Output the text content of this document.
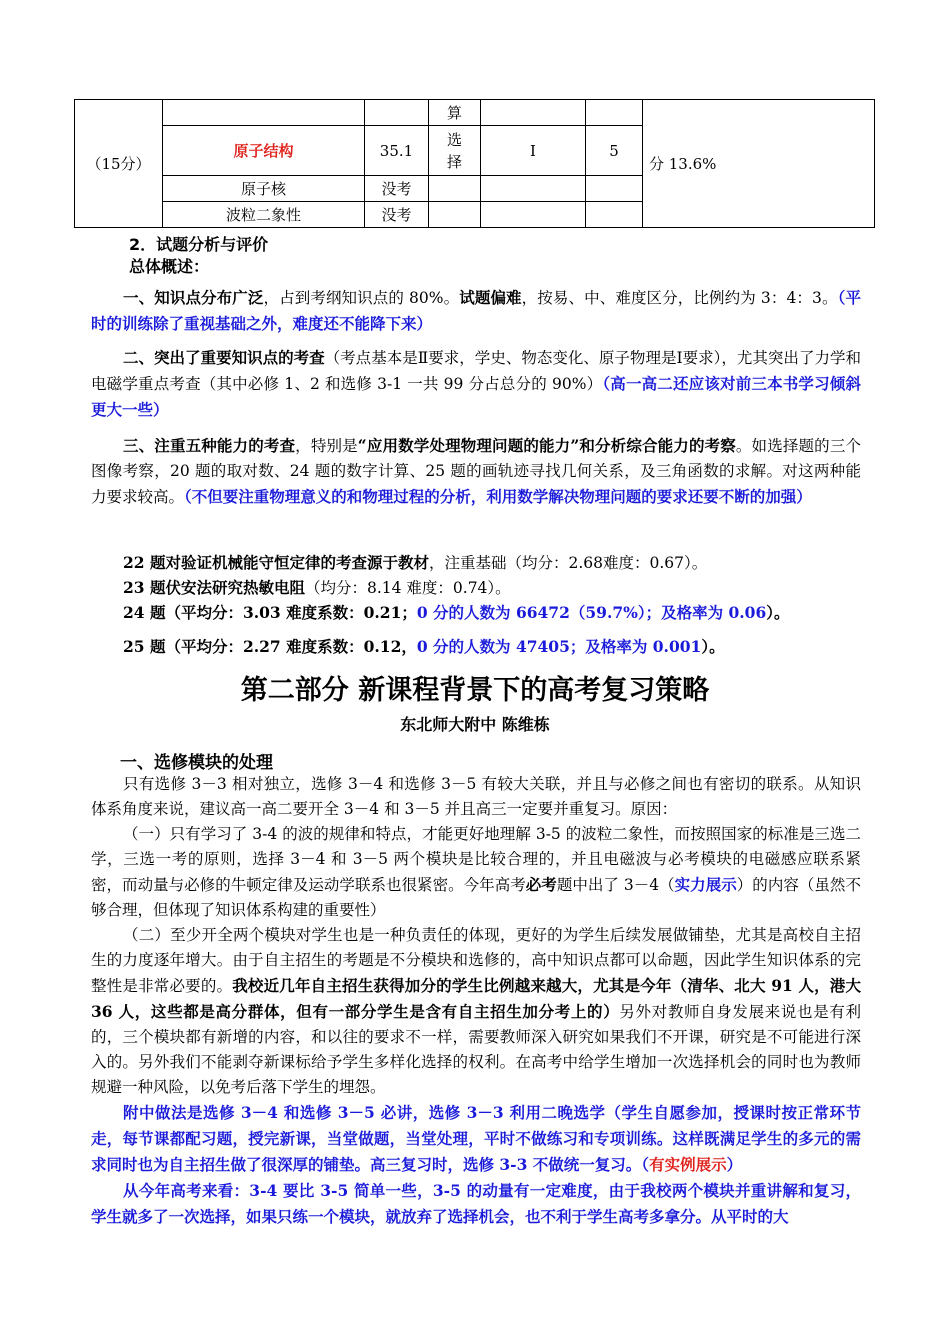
（15分）			算			分 13.6%
	原子结构	35.1	选择	Ⅰ	5	
	原子核	没考				
	波粒二象性	没考				
2．试题分析与评价
总体概述：

一、知识点分布广泛，占到考纲知识点的 80%。试题偏难，按易、中、难度区分，比例约为 3：4：3。（平时的训练除了重视基础之外，难度还不能降下来）

二、突出了重要知识点的考查（考点基本是Ⅱ要求，学史、物态变化、原子物理是Ⅰ要求），尤其突出了力学和电磁学重点考查（其中必修 1、2 和选修 3-1 一共 99 分占总分的 90%）（高一高二还应该对前三本书学习倾斜更大一些）

三、注重五种能力的考查，特别是“应用数学处理物理问题的能力”和分析综合能力的考察。如选择题的三个图像考察，20 题的取对数、24 题的数字计算、25 题的画轨迹寻找几何关系，及三角函数的求解。对这两种能力要求较高。（不但要注重物理意义的和物理过程的分析，利用数学解决物理问题的要求还要不断的加强）

22 题对验证机械能守恒定律的考查源于教材，注重基础（均分：2.68难度：0.67）。
23 题伏安法研究热敏电阻（均分：8.14 难度：0.74）。
24 题（平均分：3.03 难度系数：0.21；0 分的人数为 66472（59.7%）；及格率为 0.06）。
25 题（平均分：2.27 难度系数：0.12，0 分的人数为 47405；及格率为 0.001）。
第二部分 新课程背景下的高考复习策略
东北师大附中 陈维栋
一、选修模块的处理

只有选修 3－3 相对独立，选修 3－4 和选修 3－5 有较大关联，并且与必修之间也有密切的联系。从知识体系角度来说，建议高一高二要开全 3－4 和 3－5 并且高三一定要并重复习。原因：

（一）只有学习了 3-4 的波的规律和特点，才能更好地理解 3-5 的波粒二象性，而按照国家的标准是三选二学，三选一考的原则，选择 3－4 和 3－5 两个模块是比较合理的，并且电磁波与必考模块的电磁感应联系紧密，而动量与必修的牛顿定律及运动学联系也很紧密。今年高考必考题中出了 3－4（实力展示）的内容（虽然不够合理，但体现了知识体系构建的重要性）

（二）至少开全两个模块对学生也是一种负责任的体现，更好的为学生后续发展做铺垫，尤其是高校自主招生的力度逐年增大。由于自主招生的考题是不分模块和选修的，高中知识点都可以命题，因此学生知识体系的完整性是非常必要的。我校近几年自主招生获得加分的学生比例越来越大，尤其是今年（清华、北大 91 人，港大 36 人，这些都是高分群体，但有一部分学生是含有自主招生加分考上的）另外对教师自身发展来说也是有利的，三个模块都有新增的内容，和以往的要求不一样，需要教师深入研究如果我们不开课，研究是不可能进行深入的。另外我们不能剥夺新课标给予学生多样化选择的权利。在高考中给学生增加一次选择机会的同时也为教师规避一种风险，以免考后落下学生的埋怨。

附中做法是选修 3－4 和选修 3－5 必讲，选修 3－3 利用二晚选学（学生自愿参加，授课时按正常环节走，每节课都配习题，授完新课，当堂做题，当堂处理，平时不做练习和专项训练。这样既满足学生的多元的需求同时也为自主招生做了很深厚的铺垫。高三复习时，选修 3-3 不做统一复习。（有实例展示）

从今年高考来看：3-4 要比 3-5 简单一些，3-5 的动量有一定难度，由于我校两个模块并重讲解和复习，学生就多了一次选择，如果只练一个模块，就放弃了选择机会，也不利于学生高考多拿分。从平时的大
